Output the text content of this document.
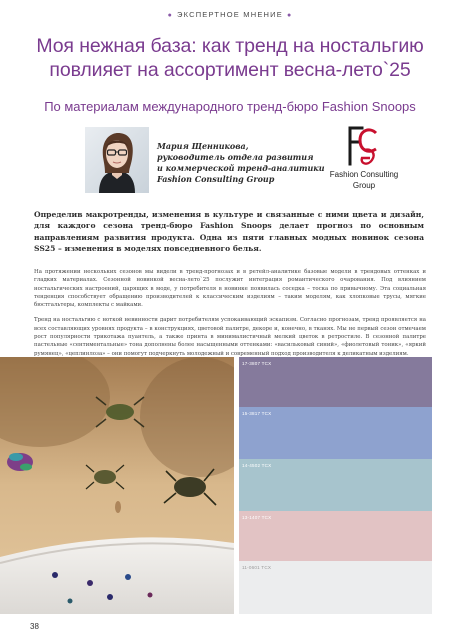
● ЭКСПЕРТНОЕ МНЕНИЕ ●
Моя нежная база: как тренд на ностальгию
повлияет на ассортимент весна-лето`25
По материалам международного тренд-бюро Fashion Snoops
Мария Щенникова,
руководитель отдела развития
и коммерческой тренд-аналитики
Fashion Consulting Group	Fashion Consulting
Group
Определив макротренды, изменения в культуре и связанные с ними цвета и дизайн, для каждого сезона тренд-бюро Fashion Snoops делает прогноз по основным направлениям развития продукта. Одна из пяти главных модных новинок сезона SS25 – изменения в моделях повседневного белья.

На протяжении нескольких сезонов мы видели в тренд-прогнозах и в ретейл-аналитике базовые модели в трендовых оттенках и гладких материалах. Сезонной новинкой весна-лето`25 послужит интеграция романтического очарования. Под влиянием ностальгических настроений, царящих в моде, у потребителя в новинке появилась соседка – тоска по привычному. Эта социальная тенденция способствует обращению производителей к классическим изделиям – таким моделям, как хлопковые трусы, мягкие бюстгальтеры, комплекты с майками.

Тренд на ностальгию с ноткой невинности дарит потребителям успокаивающий эскапизм. Согласно прогнозам, тренд проявляется на всех составляющих уровнях продукта – в конструкциях, цветовой палитре, декоре и, конечно, в тканях. Мы не первый сезон отмечаем рост популярности трикотажа пуантель, а также принта в минималистичный мелкий цветок в ретростиле. В сезонной палитре пастельные «сентиментальные» тона дополнены более насыщенными оттенками: «васильковый синий», «фиолетовый тоник», «яркий румянец», «цеплинлоза» – они помогут подчеркнуть молодежный и современный подход производителя к деликатным изделиям.

17-3807 TCX
15-3817 TCX
14-4502 TCX
13-1407 TCX
11-0601 TCX
38
